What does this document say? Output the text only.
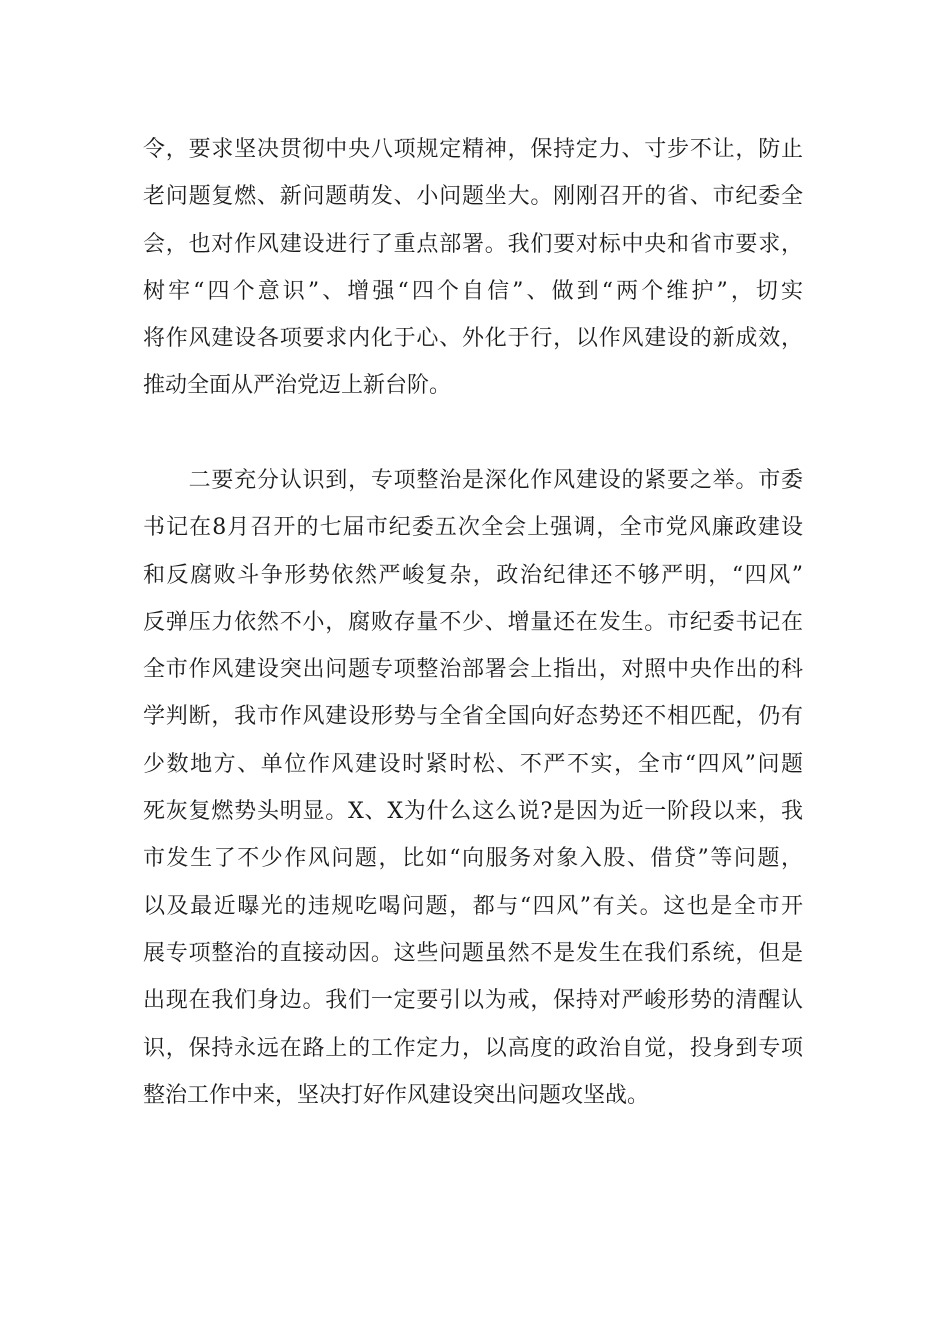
令，要求坚决贯彻中央八项规定精神，保持定力、寸步不让，防止
老问题复燃、新问题萌发、小问题坐大。刚刚召开的省、市纪委全
会，也对作风建设进行了重点部署。我们要对标中央和省市要求，
树牢“四个意识”、增强“四个自信”、做到“两个维护”，切实
将作风建设各项要求内化于心、外化于行，以作风建设的新成效，
推动全面从严治党迈上新台阶。
　　二要充分认识到，专项整治是深化作风建设的紧要之举。市委
书记在8月召开的七届市纪委五次全会上强调，全市党风廉政建设
和反腐败斗争形势依然严峻复杂，政治纪律还不够严明，“四风”
反弹压力依然不小，腐败存量不少、增量还在发生。市纪委书记在
全市作风建设突出问题专项整治部署会上指出，对照中央作出的科
学判断，我市作风建设形势与全省全国向好态势还不相匹配，仍有
少数地方、单位作风建设时紧时松、不严不实，全市“四风”问题
死灰复燃势头明显。X、X为什么这么说?是因为近一阶段以来，我
市发生了不少作风问题，比如“向服务对象入股、借贷”等问题，
以及最近曝光的违规吃喝问题，都与“四风”有关。这也是全市开
展专项整治的直接动因。这些问题虽然不是发生在我们系统，但是
出现在我们身边。我们一定要引以为戒，保持对严峻形势的清醒认
识，保持永远在路上的工作定力，以高度的政治自觉，投身到专项
整治工作中来，坚决打好作风建设突出问题攻坚战。
